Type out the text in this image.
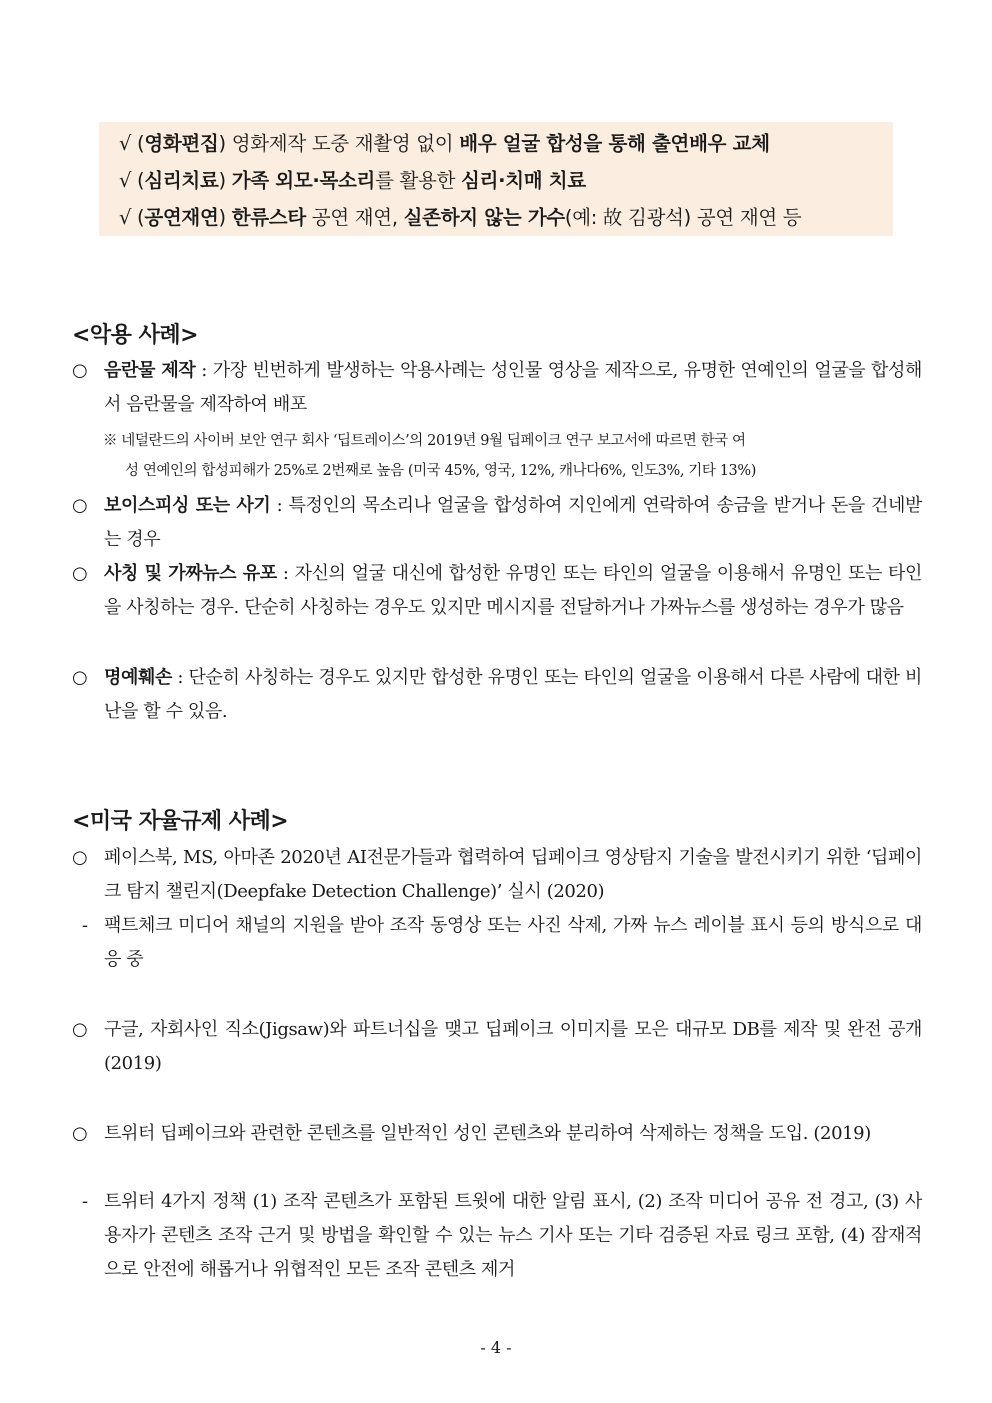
√ (영화편집) 영화제작 도중 재촬영 없이 배우 얼굴 합성을 통해 출연배우 교체
√ (심리치료) 가족 외모·목소리를 활용한 심리·치매 치료
√ (공연재연) 한류스타 공연 재연, 실존하지 않는 가수(예: 故 김광석) 공연 재연 등
<악용 사례>
○ 음란물 제작 : 가장 빈번하게 발생하는 악용사례는 성인물 영상을 제작으로, 유명한 연예인의 얼굴을 합성해서 음란물을 제작하여 배포
※ 네덜란드의 사이버 보안 연구 회사 ‘딥트레이스’의 2019년 9월 딥페이크 연구 보고서에 따르면 한국 여
성 연예인의 합성피해가 25%로 2번째로 높음 (미국 45%, 영국, 12%, 캐나다6%, 인도3%, 기타 13%)
○ 보이스피싱 또는 사기 : 특정인의 목소리나 얼굴을 합성하여 지인에게 연락하여 송금을 받거나 돈을 건네받는 경우
○ 사칭 및 가짜뉴스 유포 : 자신의 얼굴 대신에 합성한 유명인 또는 타인의 얼굴을 이용해서 유명인 또는 타인을 사칭하는 경우. 단순히 사칭하는 경우도 있지만 메시지를 전달하거나 가짜뉴스를 생성하는 경우가 많음
○ 명예훼손 : 단순히 사칭하는 경우도 있지만 합성한 유명인 또는 타인의 얼굴을 이용해서 다른 사람에 대한 비난을 할 수 있음.
<미국 자율규제 사례>
○ 페이스북, MS, 아마존 2020년 AI전문가들과 협력하여 딥페이크 영상탐지 기술을 발전시키기 위한 ‘딥페이크 탐지 챌린지(Deepfake Detection Challenge)’ 실시 (2020)
- 팩트체크 미디어 채널의 지원을 받아 조작 동영상 또는 사진 삭제, 가짜 뉴스 레이블 표시 등의 방식으로 대응 중
○ 구글, 자회사인 직소(Jigsaw)와 파트너십을 맺고 딥페이크 이미지를 모은 대규모 DB를 제작 및 완전 공개 (2019)
○ 트위터 딥페이크와 관련한 콘텐츠를 일반적인 성인 콘텐츠와 분리하여 삭제하는 정책을 도입. (2019)
- 트위터 4가지 정책 (1) 조작 콘텐츠가 포함된 트윗에 대한 알림 표시, (2) 조작 미디어 공유 전 경고, (3) 사용자가 콘텐츠 조작 근거 및 방법을 확인할 수 있는 뉴스 기사 또는 기타 검증된 자료 링크 포함, (4) 잠재적으로 안전에 해롭거나 위협적인 모든 조작 콘텐츠 제거
- 4 -
